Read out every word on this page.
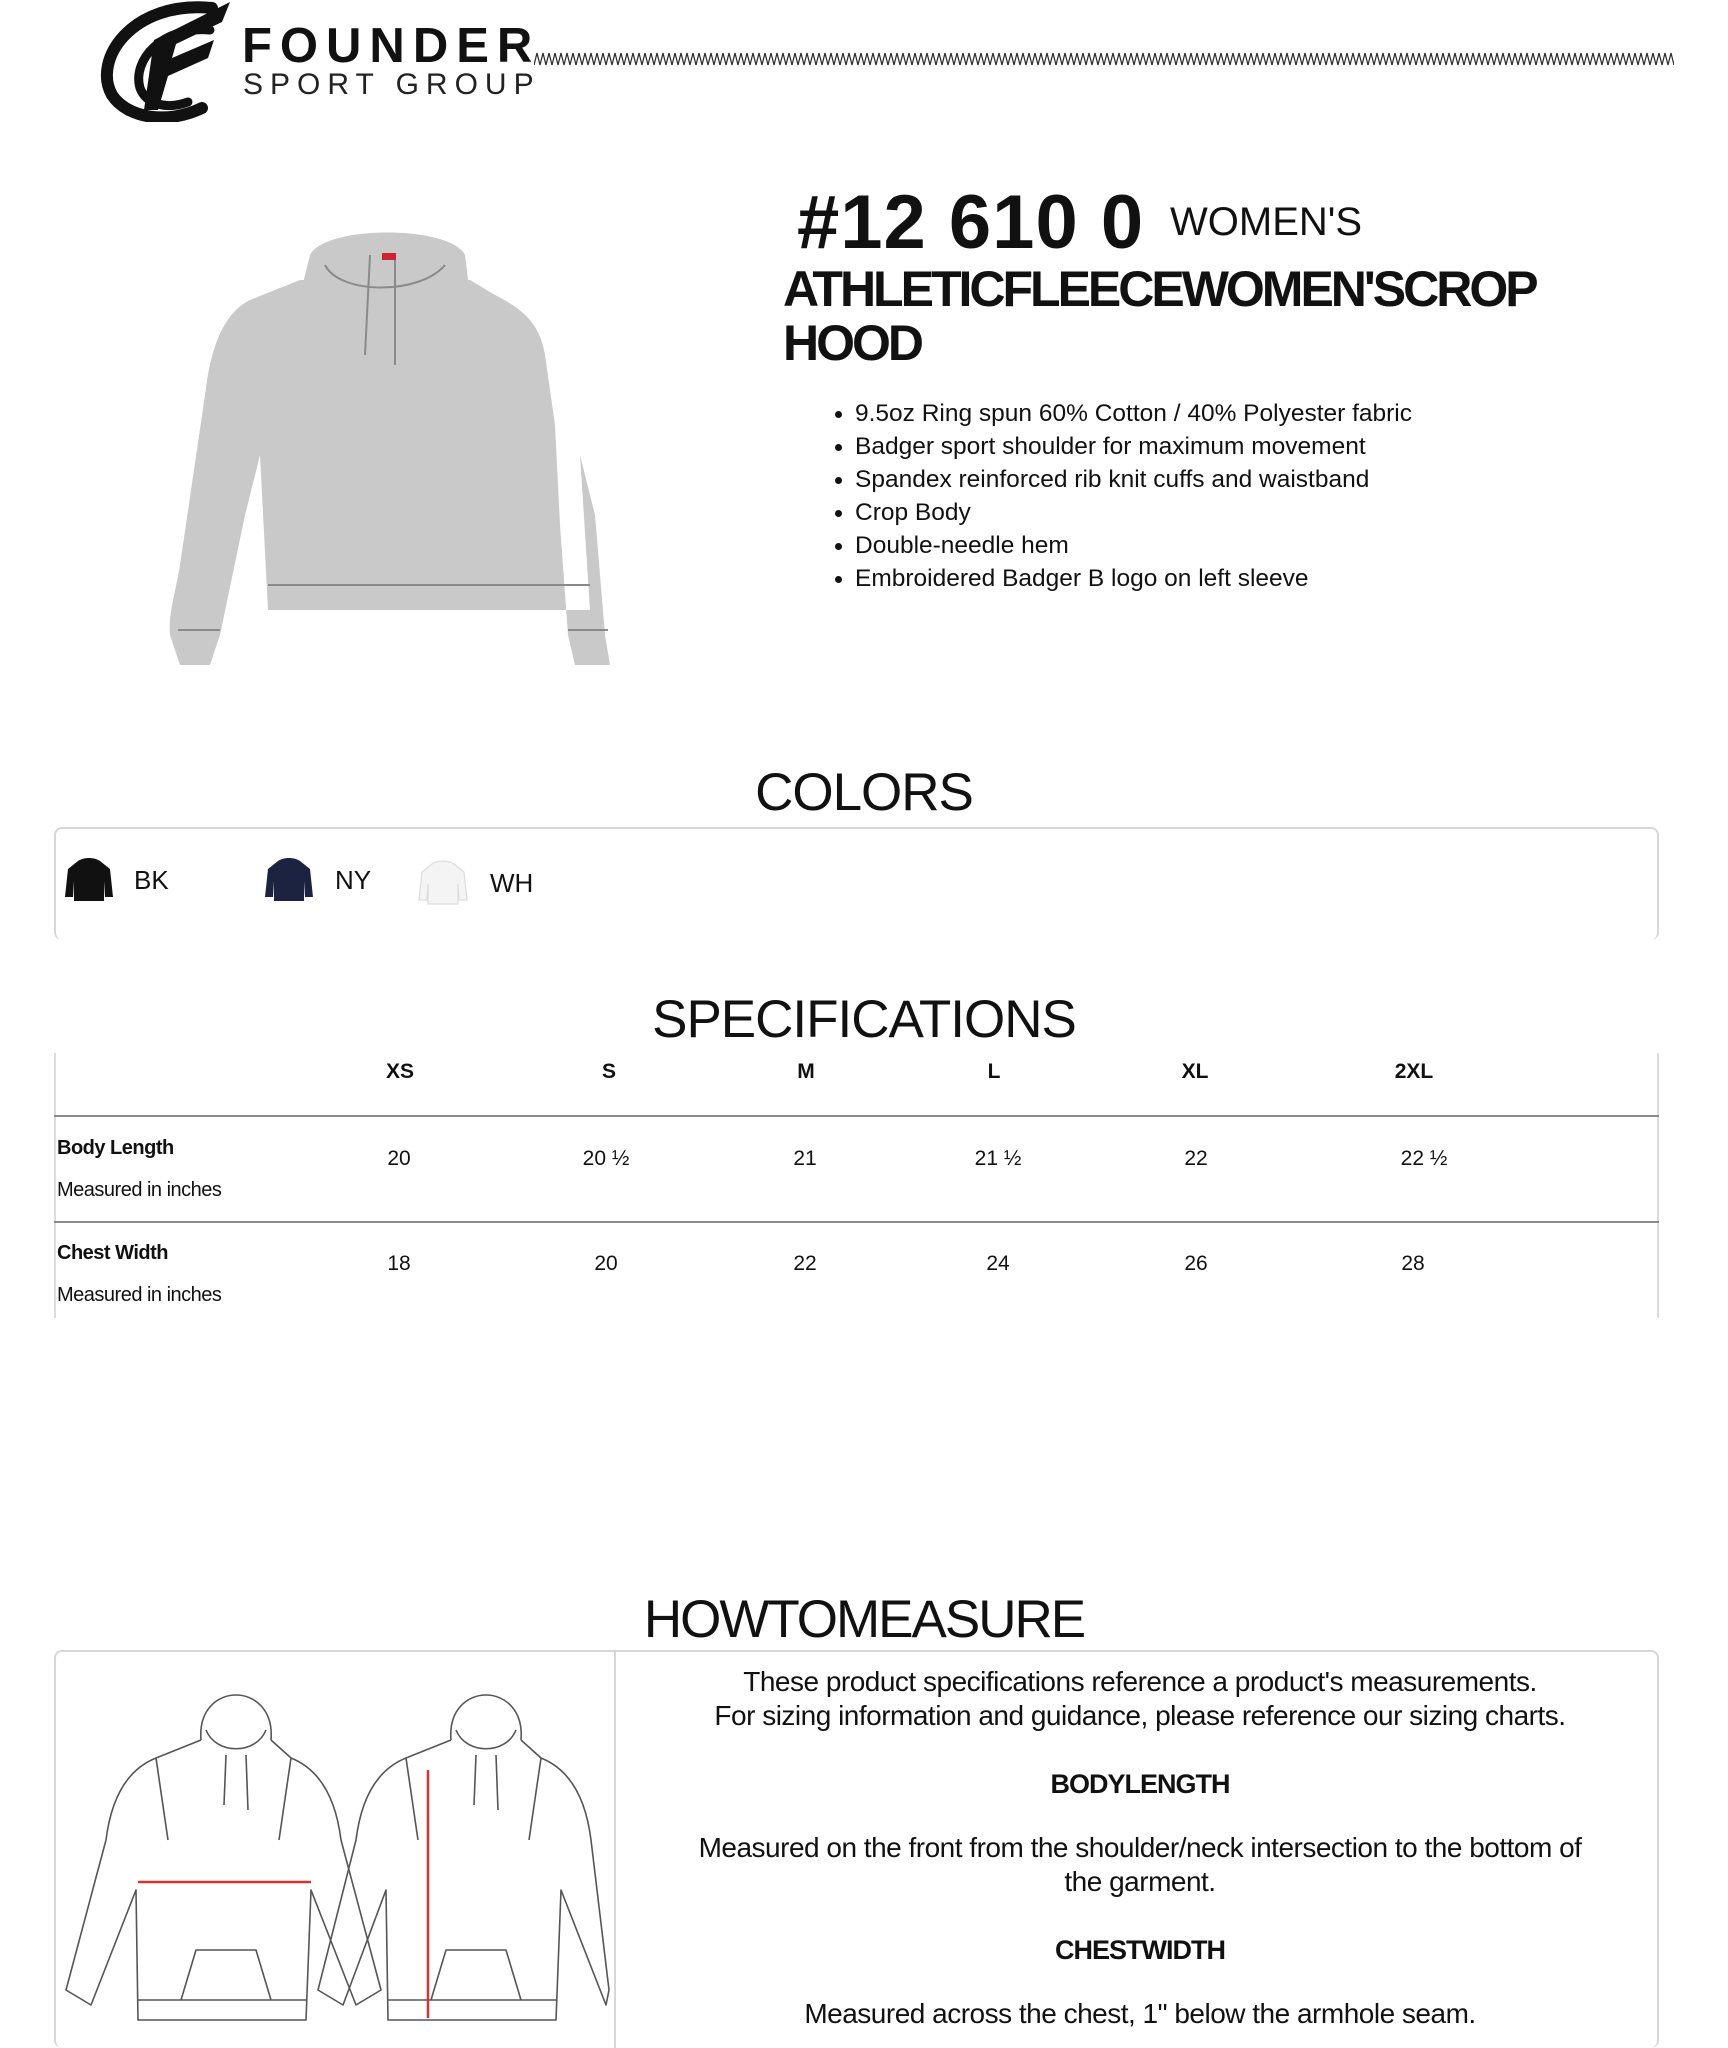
FOUNDER
SPORT GROUP
#12 610 0 WOMEN'S
ATHLETICFLEECEWOMEN'SCROP
HOOD
9.5oz Ring spun 60% Cotton / 40% Polyester fabric
Badger sport shoulder for maximum movement
Spandex reinforced rib knit cuffs and waistband
Crop Body
Double-needle hem
Embroidered Badger B logo on left sleeve
COLORS
BK	NY	WH
SPECIFICATIONS
XS	S	M	L	XL	2XL
Body Length
Measured in inches
20	20 ½	21	21 ½	22	22 ½
Chest Width
Measured in inches
18	20	22	24	26	28
HOWTOMEASURE

These product specifications reference a product's measurements.

For sizing information and guidance, please reference our sizing charts.

BODYLENGTH

Measured on the front from the shoulder/neck intersection to the bottom of

the garment.

CHESTWIDTH

Measured across the chest, 1" below the armhole seam.
